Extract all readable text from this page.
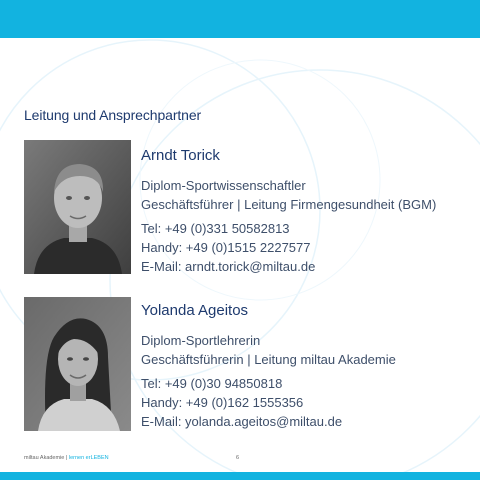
Leitung und Ansprechpartner
Arndt Torick
Diplom-Sportwissenschaftler
Geschäftsführer | Leitung Firmengesundheit (BGM)
Tel: +49 (0)331 50582813
Handy: +49 (0)1515 2227577
E-Mail: arndt.torick@miltau.de
Yolanda Ageitos
Diplom-Sportlehrerin
Geschäftsführerin | Leitung miltau Akademie
Tel: +49 (0)30 94850818
Handy: +49 (0)162 1555356
E-Mail: yolanda.ageitos@miltau.de
miltau Akademie | lernen erLEBEN	6
